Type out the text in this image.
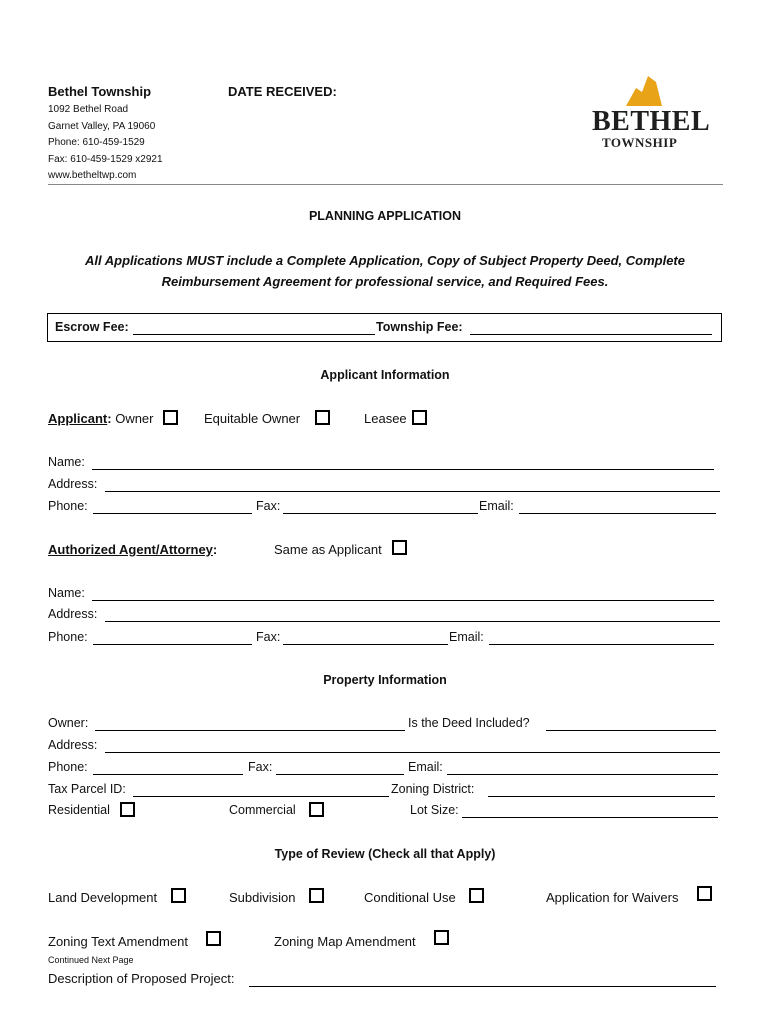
Bethel Township	DATE RECEIVED:
1092 Bethel Road
Garnet Valley, PA 19060
Phone: 610-459-1529
Fax: 610-459-1529 x2921
www.betheltwp.com
BETHEL
TOWNSHIP
PLANNING APPLICATION
All Applications MUST include a Complete Application, Copy of Subject Property Deed, Complete
Reimbursement Agreement for professional service, and Required Fees.
Escrow Fee:	Township Fee:
Applicant Information
Applicant: Owner	Equitable Owner	Leasee
Name:
Address:
Phone:	Fax:	Email:
Authorized Agent/Attorney:	Same as Applicant
Name:
Address:
Phone:	Fax:	Email:
Property Information
Owner:	Is the Deed Included?
Address:
Phone:	Fax:	Email:
Tax Parcel ID:	Zoning District:
Residential	Commercial	Lot Size:
Type of Review (Check all that Apply)
Land Development	Subdivision	Conditional Use	Application for Waivers
Zoning Text Amendment	Zoning Map Amendment
Continued Next Page
Description of Proposed Project:
